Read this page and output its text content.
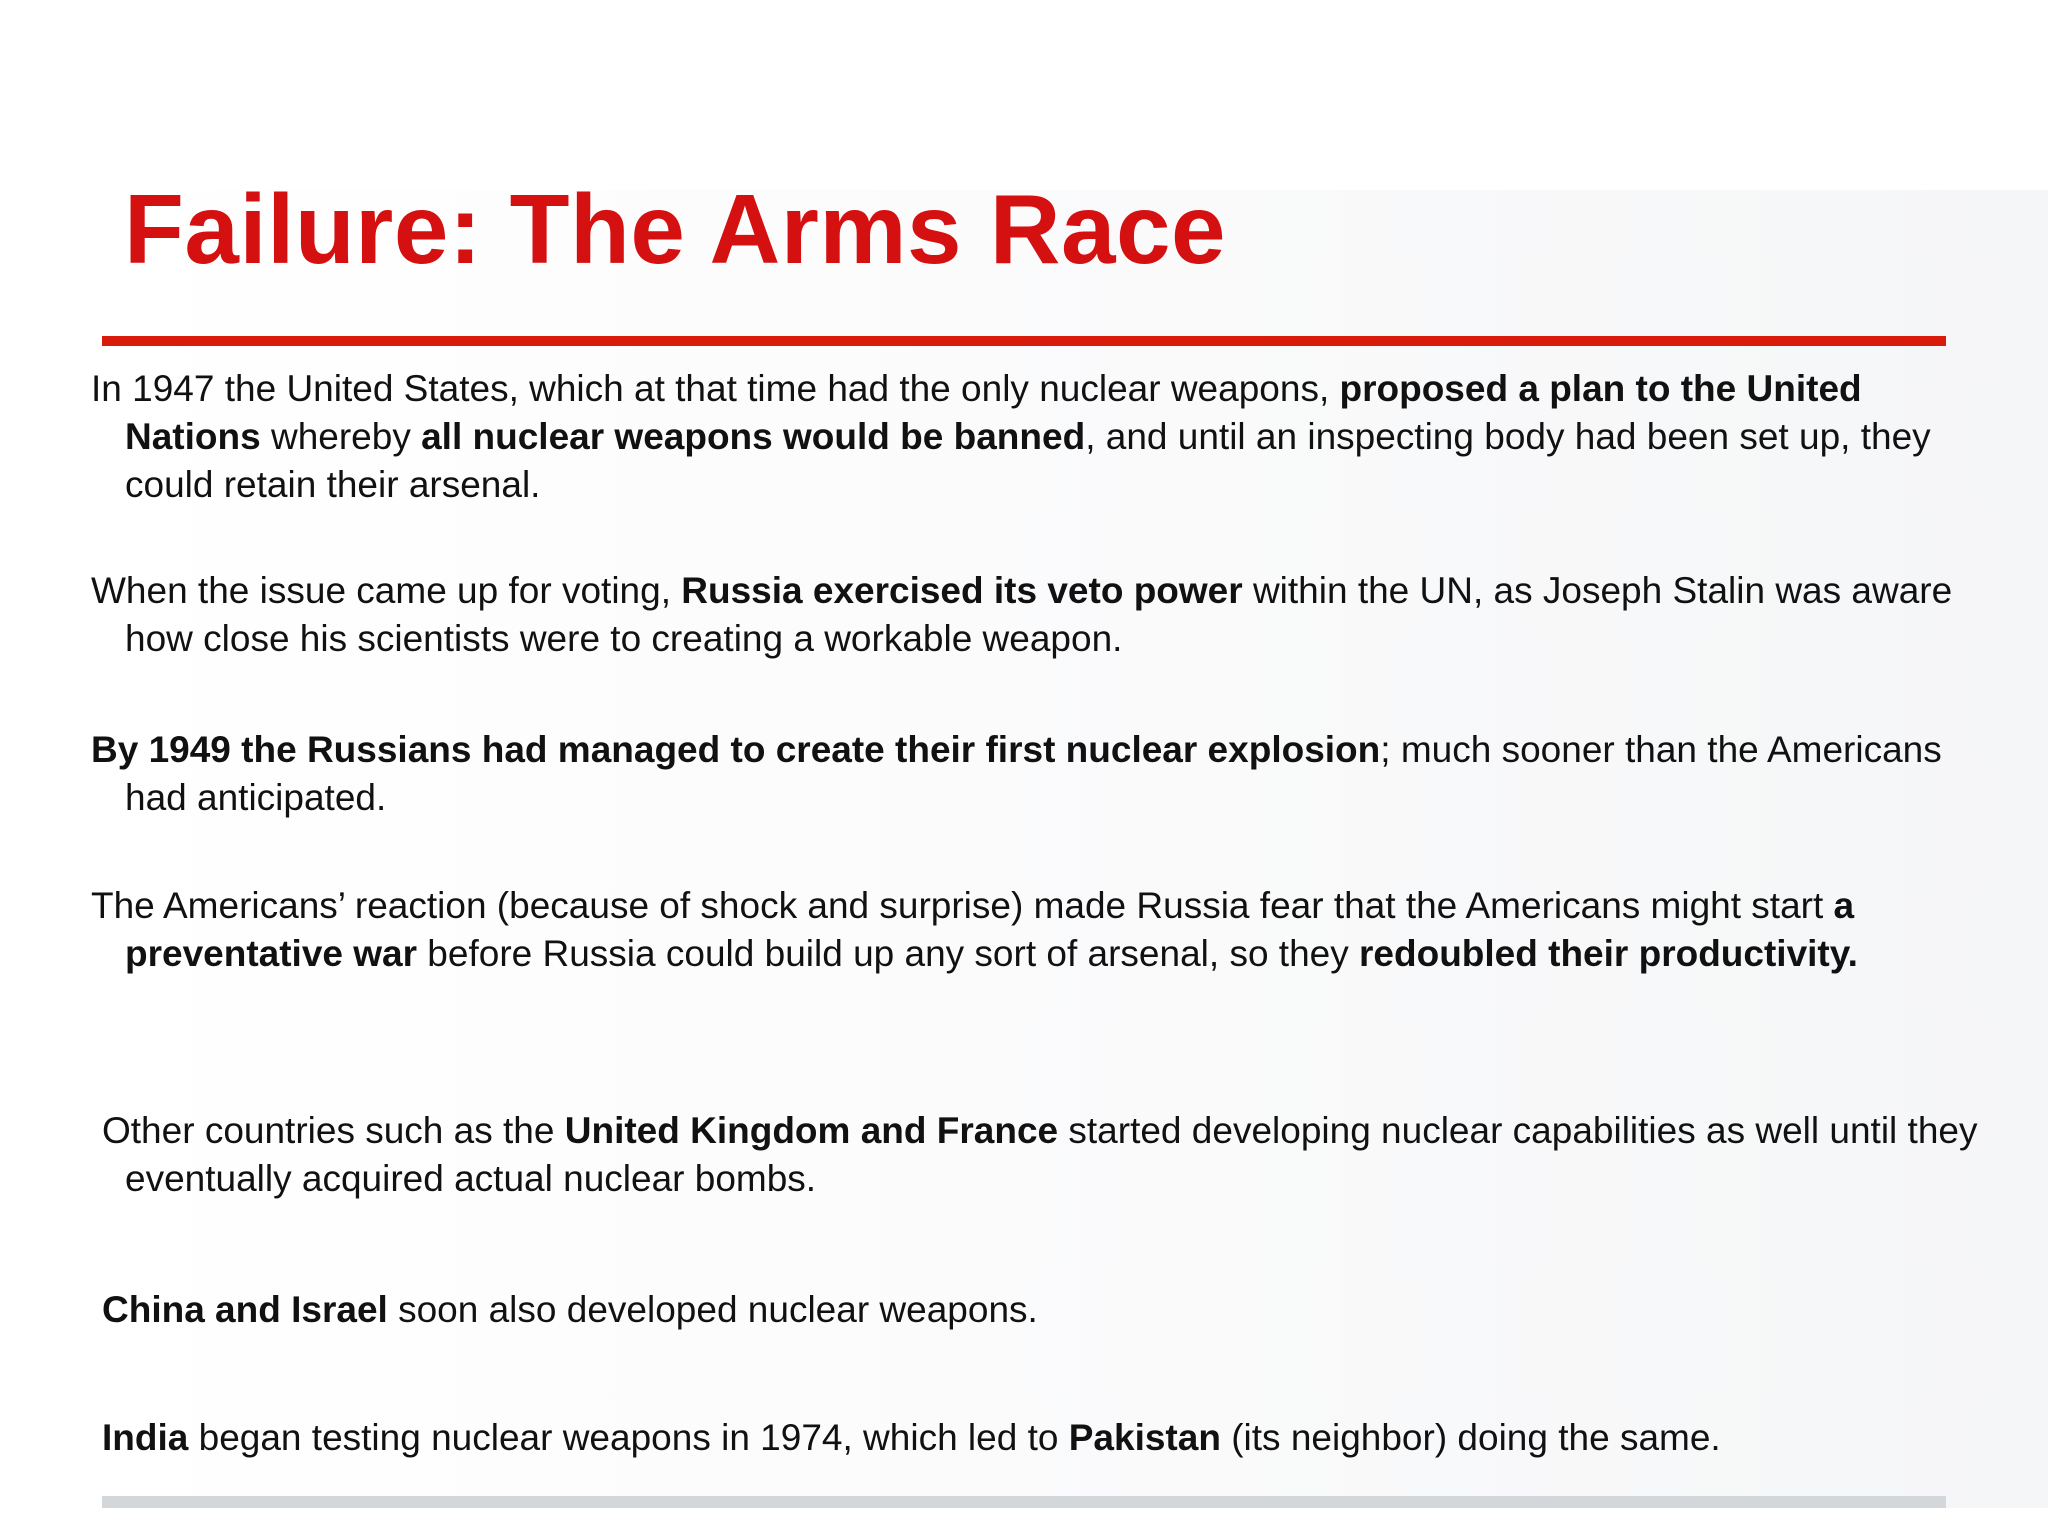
Failure: The Arms Race

In 1947 the United States, which at that time had the only nuclear weapons, proposed a plan to the United Nations whereby all nuclear weapons would be banned, and until an inspecting body had been set up, they could retain their arsenal.

When the issue came up for voting, Russia exercised its veto power within the UN, as Joseph Stalin was aware how close his scientists were to creating a workable weapon.

By 1949 the Russians had managed to create their first nuclear explosion; much sooner than the Americans had anticipated.

The Americans’ reaction (because of shock and surprise) made Russia fear that the Americans might start a preventative war before Russia could build up any sort of arsenal, so they redoubled their productivity.

Other countries such as the United Kingdom and France started developing nuclear capabilities as well until they eventually acquired actual nuclear bombs.

China and Israel soon also developed nuclear weapons.

India began testing nuclear weapons in 1974, which led to Pakistan (its neighbor) doing the same.
